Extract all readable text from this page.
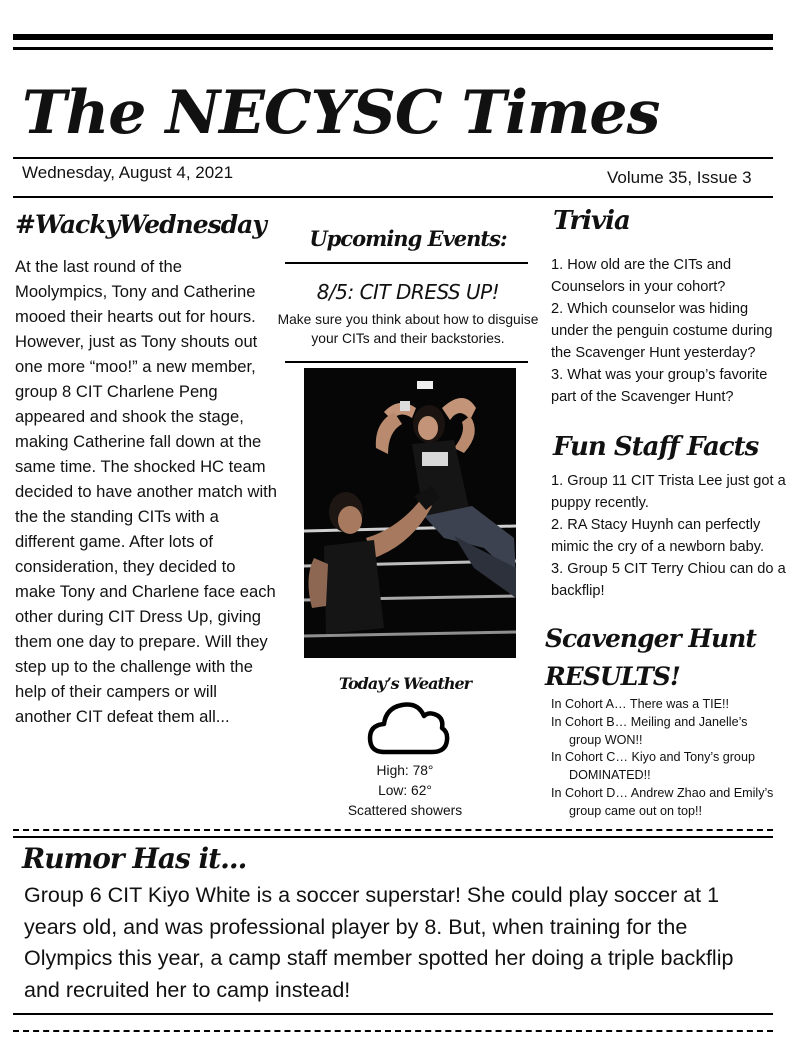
The NECYSC Times
Wednesday, August 4, 2021	Volume 35, Issue 3
#WackyWednesday
At the last round of the Moolympics, Tony and Catherine mooed their hearts out for hours. However, just as Tony shouts out one more “moo!” a new member, group 8 CIT Charlene Peng appeared and shook the stage, making Catherine fall down at the same time. The shocked HC team decided to have another match with the the standing CITs with a different game. After lots of consideration, they decided to make Tony and Charlene face each other during CIT Dress Up, giving them one day to prepare. Will they step up to the challenge with the help of their campers or will another CIT defeat them all...
Upcoming Events:
8/5: CIT DRESS UP!
Make sure you think about how to disguise your CITs and their backstories.
Today’s Weather
High: 78°
Low: 62°
Scattered showers
Trivia
1. How old are the CITs and Counselors in your cohort?
2. Which counselor was hiding under the penguin costume during the Scavenger Hunt yesterday?
3. What was your group’s favorite part of the Scavenger Hunt?
Fun Staff Facts
1. Group 11 CIT Trista Lee just got a puppy recently.
2. RA Stacy Huynh can perfectly mimic the cry of a newborn baby.
3. Group 5 CIT Terry Chiou can do a backflip!
Scavenger Hunt
RESULTS!
In Cohort A… There was a TIE!!
In Cohort B… Meiling and Janelle’s group WON!!
In Cohort C… Kiyo and Tony’s group DOMINATED!!
In Cohort D… Andrew Zhao and Emily’s group came out on top!!
Rumor Has it...
Group 6 CIT Kiyo White is a soccer superstar! She could play soccer at 1 years old, and was professional player by 8. But, when training for the Olympics this year, a camp staff member spotted her doing a triple backflip and recruited her to camp instead!
